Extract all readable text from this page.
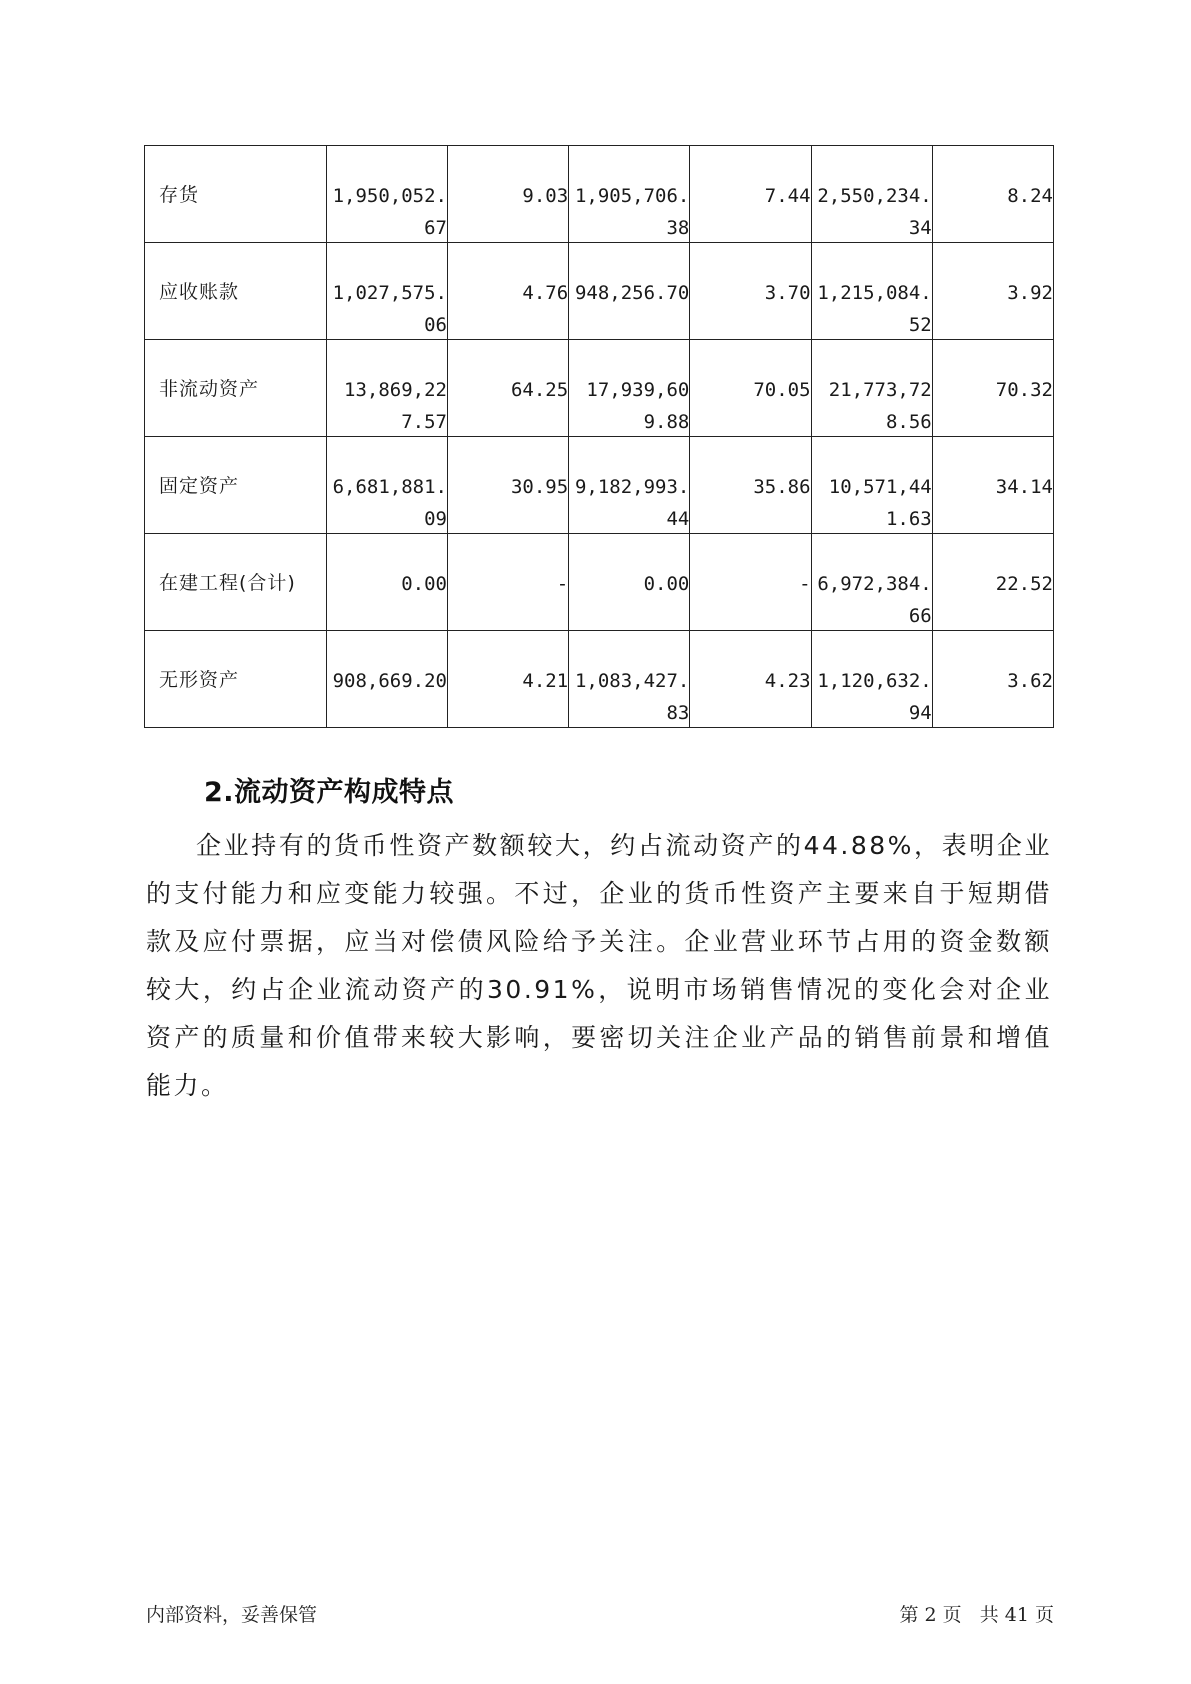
存货	1,950,052.67	9.03	1,905,706.38	7.44	2,550,234.34	8.24

应收账款	1,027,575.06	4.76	948,256.70	3.70	1,215,084.52	3.92

非流动资产	13,869,227.57	64.25	17,939,609.88	70.05	21,773,728.56	70.32

固定资产	6,681,881.09	30.95	9,182,993.44	35.86	10,571,441.63	34.14

在建工程(合计)	0.00	-	0.00	-	6,972,384.66	22.52

无形资产	908,669.20	4.21	1,083,427.83	4.23	1,120,632.94	3.62
2.流动资产构成特点

企业持有的货币性资产数额较大，约占流动资产的44.88%，表明企业的支付能力和应变能力较强。不过，企业的货币性资产主要来自于短期借款及应付票据，应当对偿债风险给予关注。企业营业环节占用的资金数额较大，约占企业流动资产的30.91%，说明市场销售情况的变化会对企业资产的质量和价值带来较大影响，要密切关注企业产品的销售前景和增值能力。

内部资料，妥善保管	第 2 页   共 41 页
